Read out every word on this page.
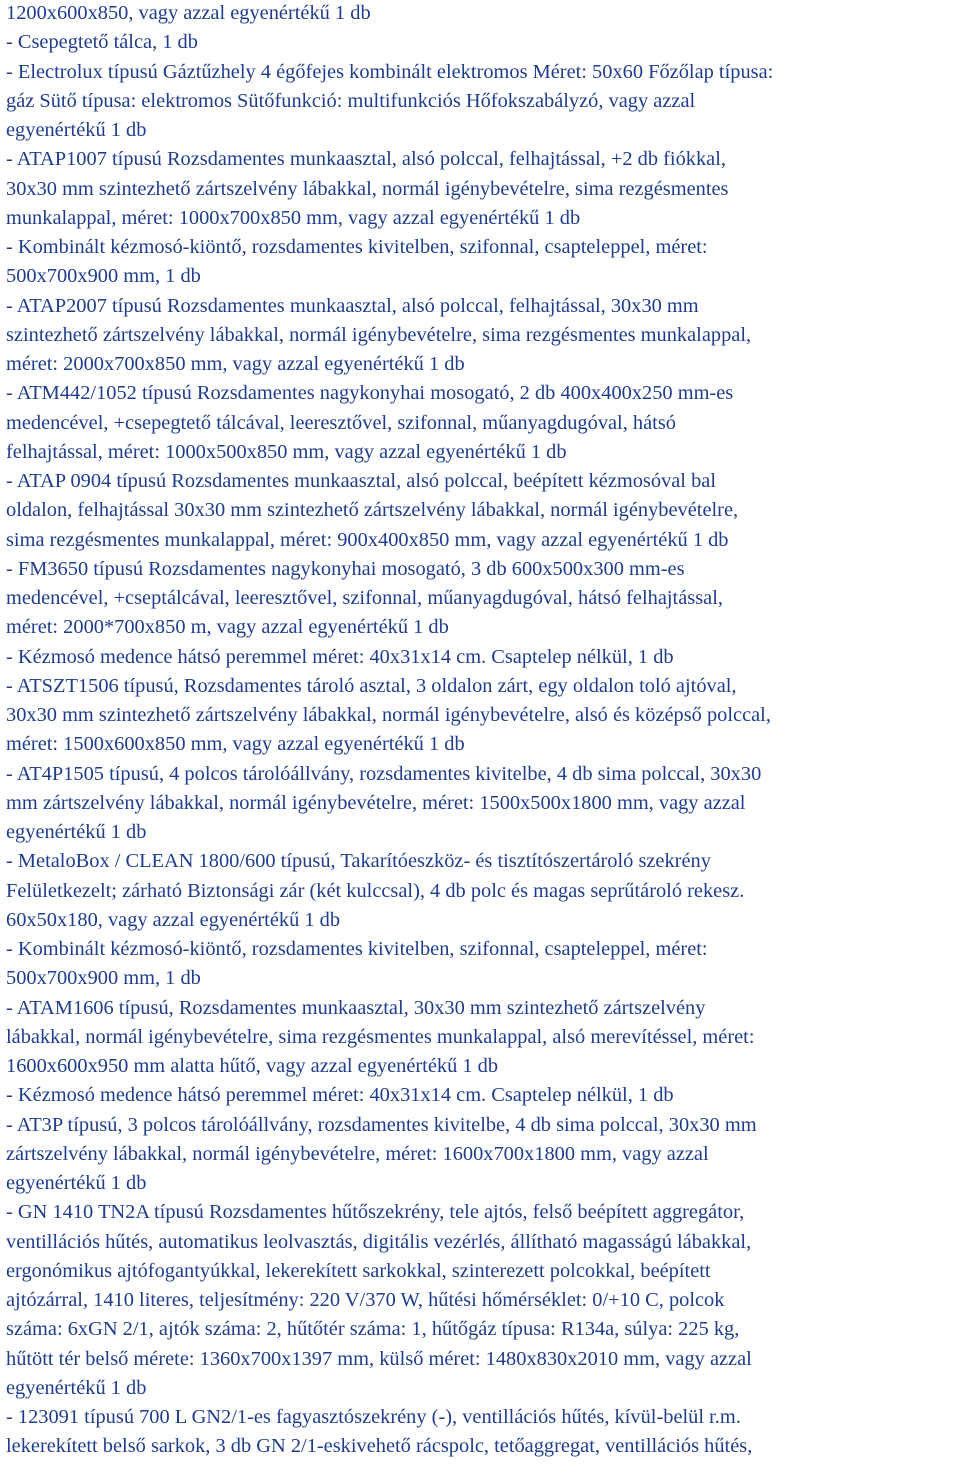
1200x600x850, vagy azzal egyenértékű 1 db
- Csepegtető tálca, 1 db
- Electrolux típusú Gáztűzhely 4 égőfejes kombinált elektromos Méret: 50x60 Főzőlap típusa:
gáz Sütő típusa: elektromos Sütőfunkció: multifunkciós Hőfokszabályzó, vagy azzal
egyenértékű 1 db
- ATAP1007 típusú Rozsdamentes munkaasztal, alsó polccal, felhajtással, +2 db fiókkal,
30x30 mm szintezhető zártszelvény lábakkal, normál igénybevételre, sima rezgésmentes
munkalappal, méret: 1000x700x850 mm, vagy azzal egyenértékű 1 db
- Kombinált kézmosó-kiöntő, rozsdamentes kivitelben, szifonnal, csapteleppel, méret:
500x700x900 mm, 1 db
- ATAP2007 típusú Rozsdamentes munkaasztal, alsó polccal, felhajtással, 30x30 mm
szintezhető zártszelvény lábakkal, normál igénybevételre, sima rezgésmentes munkalappal,
méret: 2000x700x850 mm, vagy azzal egyenértékű 1 db
- ATM442/1052 típusú Rozsdamentes nagykonyhai mosogató, 2 db 400x400x250 mm-es
medencével, +csepegtető tálcával, leeresztővel, szifonnal, műanyagdugóval, hátsó
felhajtással, méret: 1000x500x850 mm, vagy azzal egyenértékű 1 db
- ATAP 0904 típusú Rozsdamentes munkaasztal, alsó polccal, beépített kézmosóval bal
oldalon, felhajtással 30x30 mm szintezhető zártszelvény lábakkal, normál igénybevételre,
sima rezgésmentes munkalappal, méret: 900x400x850 mm, vagy azzal egyenértékű 1 db
- FM3650 típusú Rozsdamentes nagykonyhai mosogató, 3 db 600x500x300 mm-es
medencével, +cseptálcával, leeresztővel, szifonnal, műanyagdugóval, hátsó felhajtással,
méret: 2000*700x850 m, vagy azzal egyenértékű 1 db
- Kézmosó medence hátsó peremmel méret: 40x31x14 cm. Csaptelep nélkül, 1 db
- ATSZT1506 típusú, Rozsdamentes tároló asztal, 3 oldalon zárt, egy oldalon toló ajtóval,
30x30 mm szintezhető zártszelvény lábakkal, normál igénybevételre, alsó és középső polccal,
méret: 1500x600x850 mm, vagy azzal egyenértékű 1 db
- AT4P1505 típusú, 4 polcos tárolóállvány, rozsdamentes kivitelbe, 4 db sima polccal, 30x30
mm zártszelvény lábakkal, normál igénybevételre, méret: 1500x500x1800 mm, vagy azzal
egyenértékű 1 db
- MetaloBox / CLEAN 1800/600 típusú, Takarítóeszköz- és tisztítószertároló szekrény
Felületkezelt; zárható Biztonsági zár (két kulccsal), 4 db polc és magas seprűtároló rekesz.
60x50x180, vagy azzal egyenértékű 1 db
- Kombinált kézmosó-kiöntő, rozsdamentes kivitelben, szifonnal, csapteleppel, méret:
500x700x900 mm, 1 db
- ATAM1606 típusú, Rozsdamentes munkaasztal, 30x30 mm szintezhető zártszelvény
lábakkal, normál igénybevételre, sima rezgésmentes munkalappal, alsó merevítéssel, méret:
1600x600x950 mm alatta hűtő, vagy azzal egyenértékű 1 db
- Kézmosó medence hátsó peremmel méret: 40x31x14 cm. Csaptelep nélkül, 1 db
- AT3P típusú, 3 polcos tárolóállvány, rozsdamentes kivitelbe, 4 db sima polccal, 30x30 mm
zártszelvény lábakkal, normál igénybevételre, méret: 1600x700x1800 mm, vagy azzal
egyenértékű 1 db
- GN 1410 TN2A típusú Rozsdamentes hűtőszekrény, tele ajtós, felső beépített aggregátor,
ventillációs hűtés, automatikus leolvasztás, digitális vezérlés, állítható magasságú lábakkal,
ergonómikus ajtófogantyúkkal, lekerekített sarkokkal, szinterezett polcokkal, beépített
ajtózárral, 1410 literes, teljesítmény: 220 V/370 W, hűtési hőmérséklet: 0/+10 C, polcok
száma: 6xGN 2/1, ajtók száma: 2, hűtőtér száma: 1, hűtőgáz típusa: R134a, súlya: 225 kg,
hűtött tér belső mérete: 1360x700x1397 mm, külső méret: 1480x830x2010 mm, vagy azzal
egyenértékű 1 db
- 123091 típusú 700 L GN2/1-es fagyasztószekrény (-), ventillációs hűtés, kívül-belül r.m.
lekerekített belső sarkok, 3 db GN 2/1-eskivehető rácspolc, tetőaggregat, ventillációs hűtés,
